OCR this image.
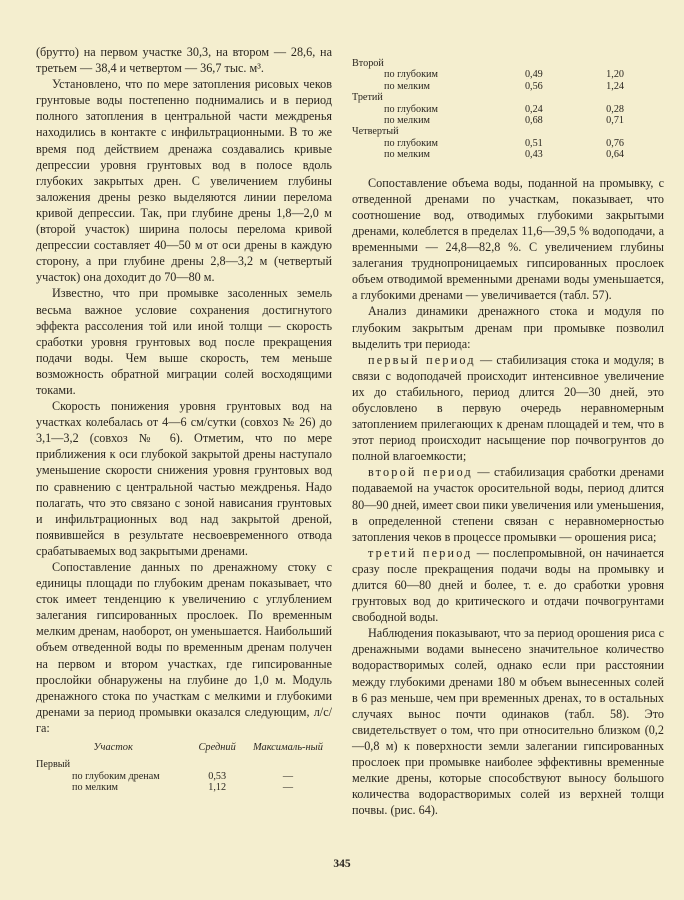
(брутто) на первом участке 30,3, на втором — 28,6, на третьем — 38,4 и четвертом — 36,7 тыс. м³.

Установлено, что по мере затопления рисовых чеков грунтовые воды постепенно поднимались и в период полного затопления в центральной части междренья находились в контакте с инфильтрационными. В то же время под действием дренажа создавались кривые депрессии уровня грунтовых вод в полосе вдоль глубоких закрытых дрен. С увеличением глубины заложения дрены резко выделяются линии перелома кривой депрессии. Так, при глубине дрены 1,8—2,0 м (второй участок) ширина полосы перелома кривой депрессии составляет 40—50 м от оси дрены в каждую сторону, а при глубине дрены 2,8—3,2 м (четвертый участок) она доходит до 70—80 м.

Известно, что при промывке засоленных земель весьма важное условие сохранения достигнутого эффекта рассоления той или иной толщи — скорость сработки уровня грунтовых вод после прекращения подачи воды. Чем выше скорость, тем меньше возможность обратной миграции солей восходящими токами.

Скорость понижения уровня грунтовых вод на участках колебалась от 4—6 см/сутки (совхоз № 26) до 3,1—3,2 (совхоз № 6). Отметим, что по мере приближения к оси глубокой закрытой дрены наступало уменьшение скорости снижения уровня грунтовых вод по сравнению с центральной частью междренья. Надо полагать, что это связано с зоной нависания грунтовых и инфильтрационных вод над закрытой дреной, появившейся в результате несвоевременного отвода срабатываемых вод закрытыми дренами.

Сопоставление данных по дренажному стоку с единицы площади по глубоким дренам показывает, что сток имеет тенденцию к увеличению с углублением залегания гипсированных прослоек. По временным мелким дренам, наоборот, он уменьшается. Наибольший объем отведенной воды по временным дренам получен на первом и втором участках, где гипсированные прослойки обнаружены на глубине до 1,0 м. Модуль дренажного стока по участкам с мелкими и глубокими дренами за период промывки оказался следующим, л/с/га:

Участок	Средний	Максималь-ный
Первый		
по глубоким дренам	0,53	—
по мелким	1,12	—
Второй		
по глубоким	0,49	1,20
по мелким	0,56	1,24
Третий		
по глубоким	0,24	0,28
по мелким	0,68	0,71
Четвертый		
по глубоким	0,51	0,76
по мелким	0,43	0,64

Сопоставление объема воды, поданной на промывку, с отведенной дренами по участкам, показывает, что соотношение вод, отводимых глубокими закрытыми дренами, колеблется в пределах 11,6—39,5 % водоподачи, а временными — 24,8—82,8 %. С увеличением глубины залегания труднопроницаемых гипсированных прослоек объем отводимой временными дренами воды уменьшается, а глубокими дренами — увеличивается (табл. 57).

Анализ динамики дренажного стока и модуля по глубоким закрытым дренам при промывке позволил выделить три периода:

первый период — стабилизация стока и модуля; в связи с водоподачей происходит интенсивное увеличение их до стабильного, период длится 20—30 дней, это обусловлено в первую очередь неравномерным затоплением прилегающих к дренам площадей и тем, что в этот период происходит насыщение пор почвогрунтов до полной влагоемкости;

второй период — стабилизация сработки дренами подаваемой на участок оросительной воды, период длится 80—90 дней, имеет свои пики увеличения или уменьшения, в определенной степени связан с неравномерностью затопления чеков в процессе промывки — орошения риса;

третий период — послепромывной, он начинается сразу после прекращения подачи воды на промывку и длится 60—80 дней и более, т. е. до сработки уровня грунтовых вод до критического и отдачи почвогрунтами свободной воды.

Наблюдения показывают, что за период орошения риса с дренажными водами вынесено значительное количество водорастворимых солей, однако если при расстоянии между глубокими дренами 180 м объем вынесенных солей в 6 раз меньше, чем при временных дренах, то в остальных случаях вынос почти одинаков (табл. 58). Это свидетельствует о том, что при относительно близком (0,2—0,8 м) к поверхности земли залегании гипсированных прослоек при промывке наиболее эффективны временные мелкие дрены, которые способствуют выносу большого количества водорастворимых солей из верхней толщи почвы. (рис. 64).

345
